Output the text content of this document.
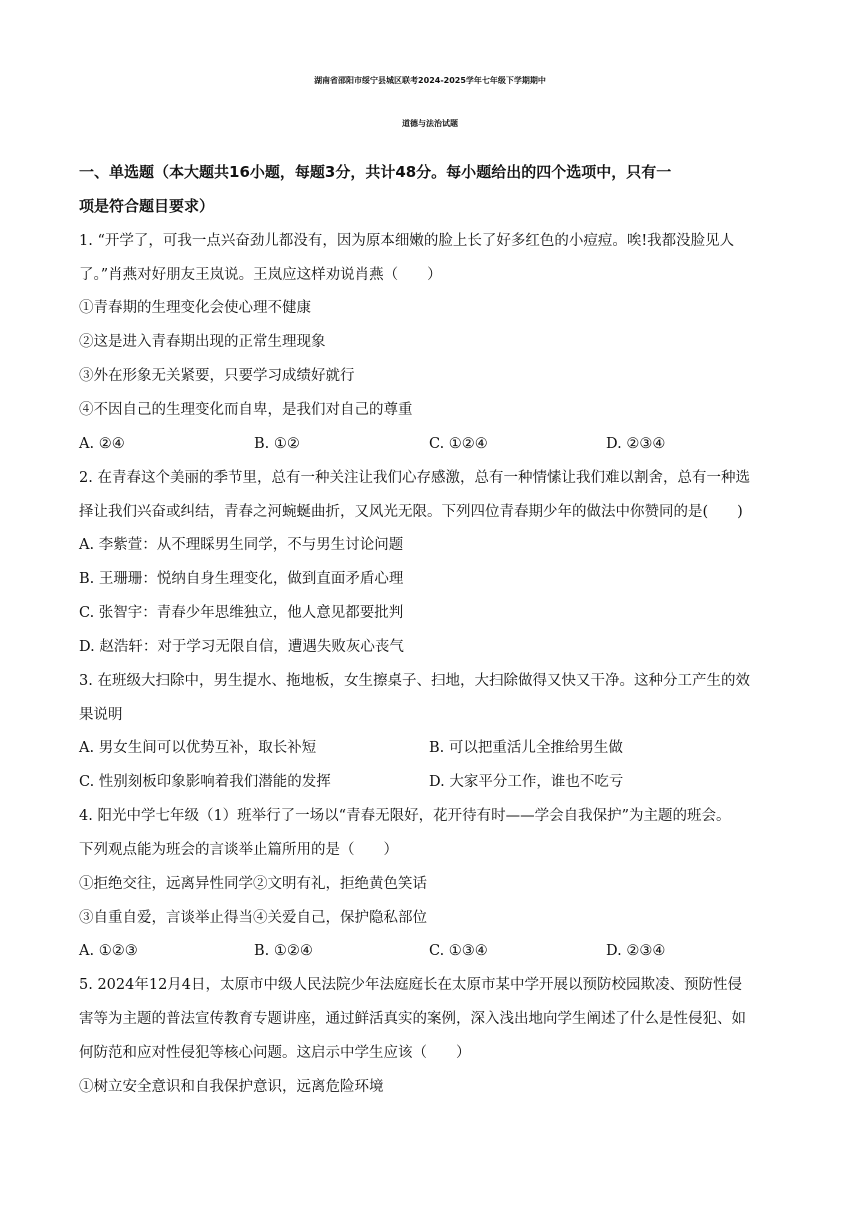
湖南省邵阳市绥宁县城区联考2024-2025学年七年级下学期期中
道德与法治试题
一、单选题（本大题共16小题，每题3分，共计48分。每小题给出的四个选项中，只有一
项是符合题目要求）
1. “开学了，可我一点兴奋劲儿都没有，因为原本细嫩的脸上长了好多红色的小痘痘。唉!我都没脸见人
了。”肖燕对好朋友王岚说。王岚应这样劝说肖燕（　　）
①青春期的生理变化会使心理不健康
②这是进入青春期出现的正常生理现象
③外在形象无关紧要，只要学习成绩好就行
④不因自己的生理变化而自卑，是我们对自己的尊重
A. ②④	B. ①②	C. ①②④	D. ②③④
2. 在青春这个美丽的季节里，总有一种关注让我们心存感激，总有一种情愫让我们难以割舍，总有一种选
择让我们兴奋或纠结，青春之河蜿蜒曲折，又风光无限。下列四位青春期少年的做法中你赞同的是(　　)
A. 李紫萱：从不理睬男生同学，不与男生讨论问题
B. 王珊珊：悦纳自身生理变化，做到直面矛盾心理
C. 张智宇：青春少年思维独立，他人意见都要批判
D. 赵浩轩：对于学习无限自信，遭遇失败灰心丧气
3. 在班级大扫除中，男生提水、拖地板，女生擦桌子、扫地，大扫除做得又快又干净。这种分工产生的效
果说明
A. 男女生间可以优势互补，取长补短	B. 可以把重活儿全推给男生做
C. 性别刻板印象影响着我们潜能的发挥	D. 大家平分工作，谁也不吃亏
4. 阳光中学七年级（1）班举行了一场以“青春无限好，花开待有时——学会自我保护”为主题的班会。
下列观点能为班会的言谈举止篇所用的是（　　）
①拒绝交往，远离异性同学②文明有礼，拒绝黄色笑话
③自重自爱，言谈举止得当④关爱自己，保护隐私部位
A. ①②③	B. ①②④	C. ①③④	D. ②③④
5. 2024年12月4日，太原市中级人民法院少年法庭庭长在太原市某中学开展以预防校园欺凌、预防性侵
害等为主题的普法宣传教育专题讲座，通过鲜活真实的案例，深入浅出地向学生阐述了什么是性侵犯、如
何防范和应对性侵犯等核心问题。这启示中学生应该（　　）
①树立安全意识和自我保护意识，远离危险环境
